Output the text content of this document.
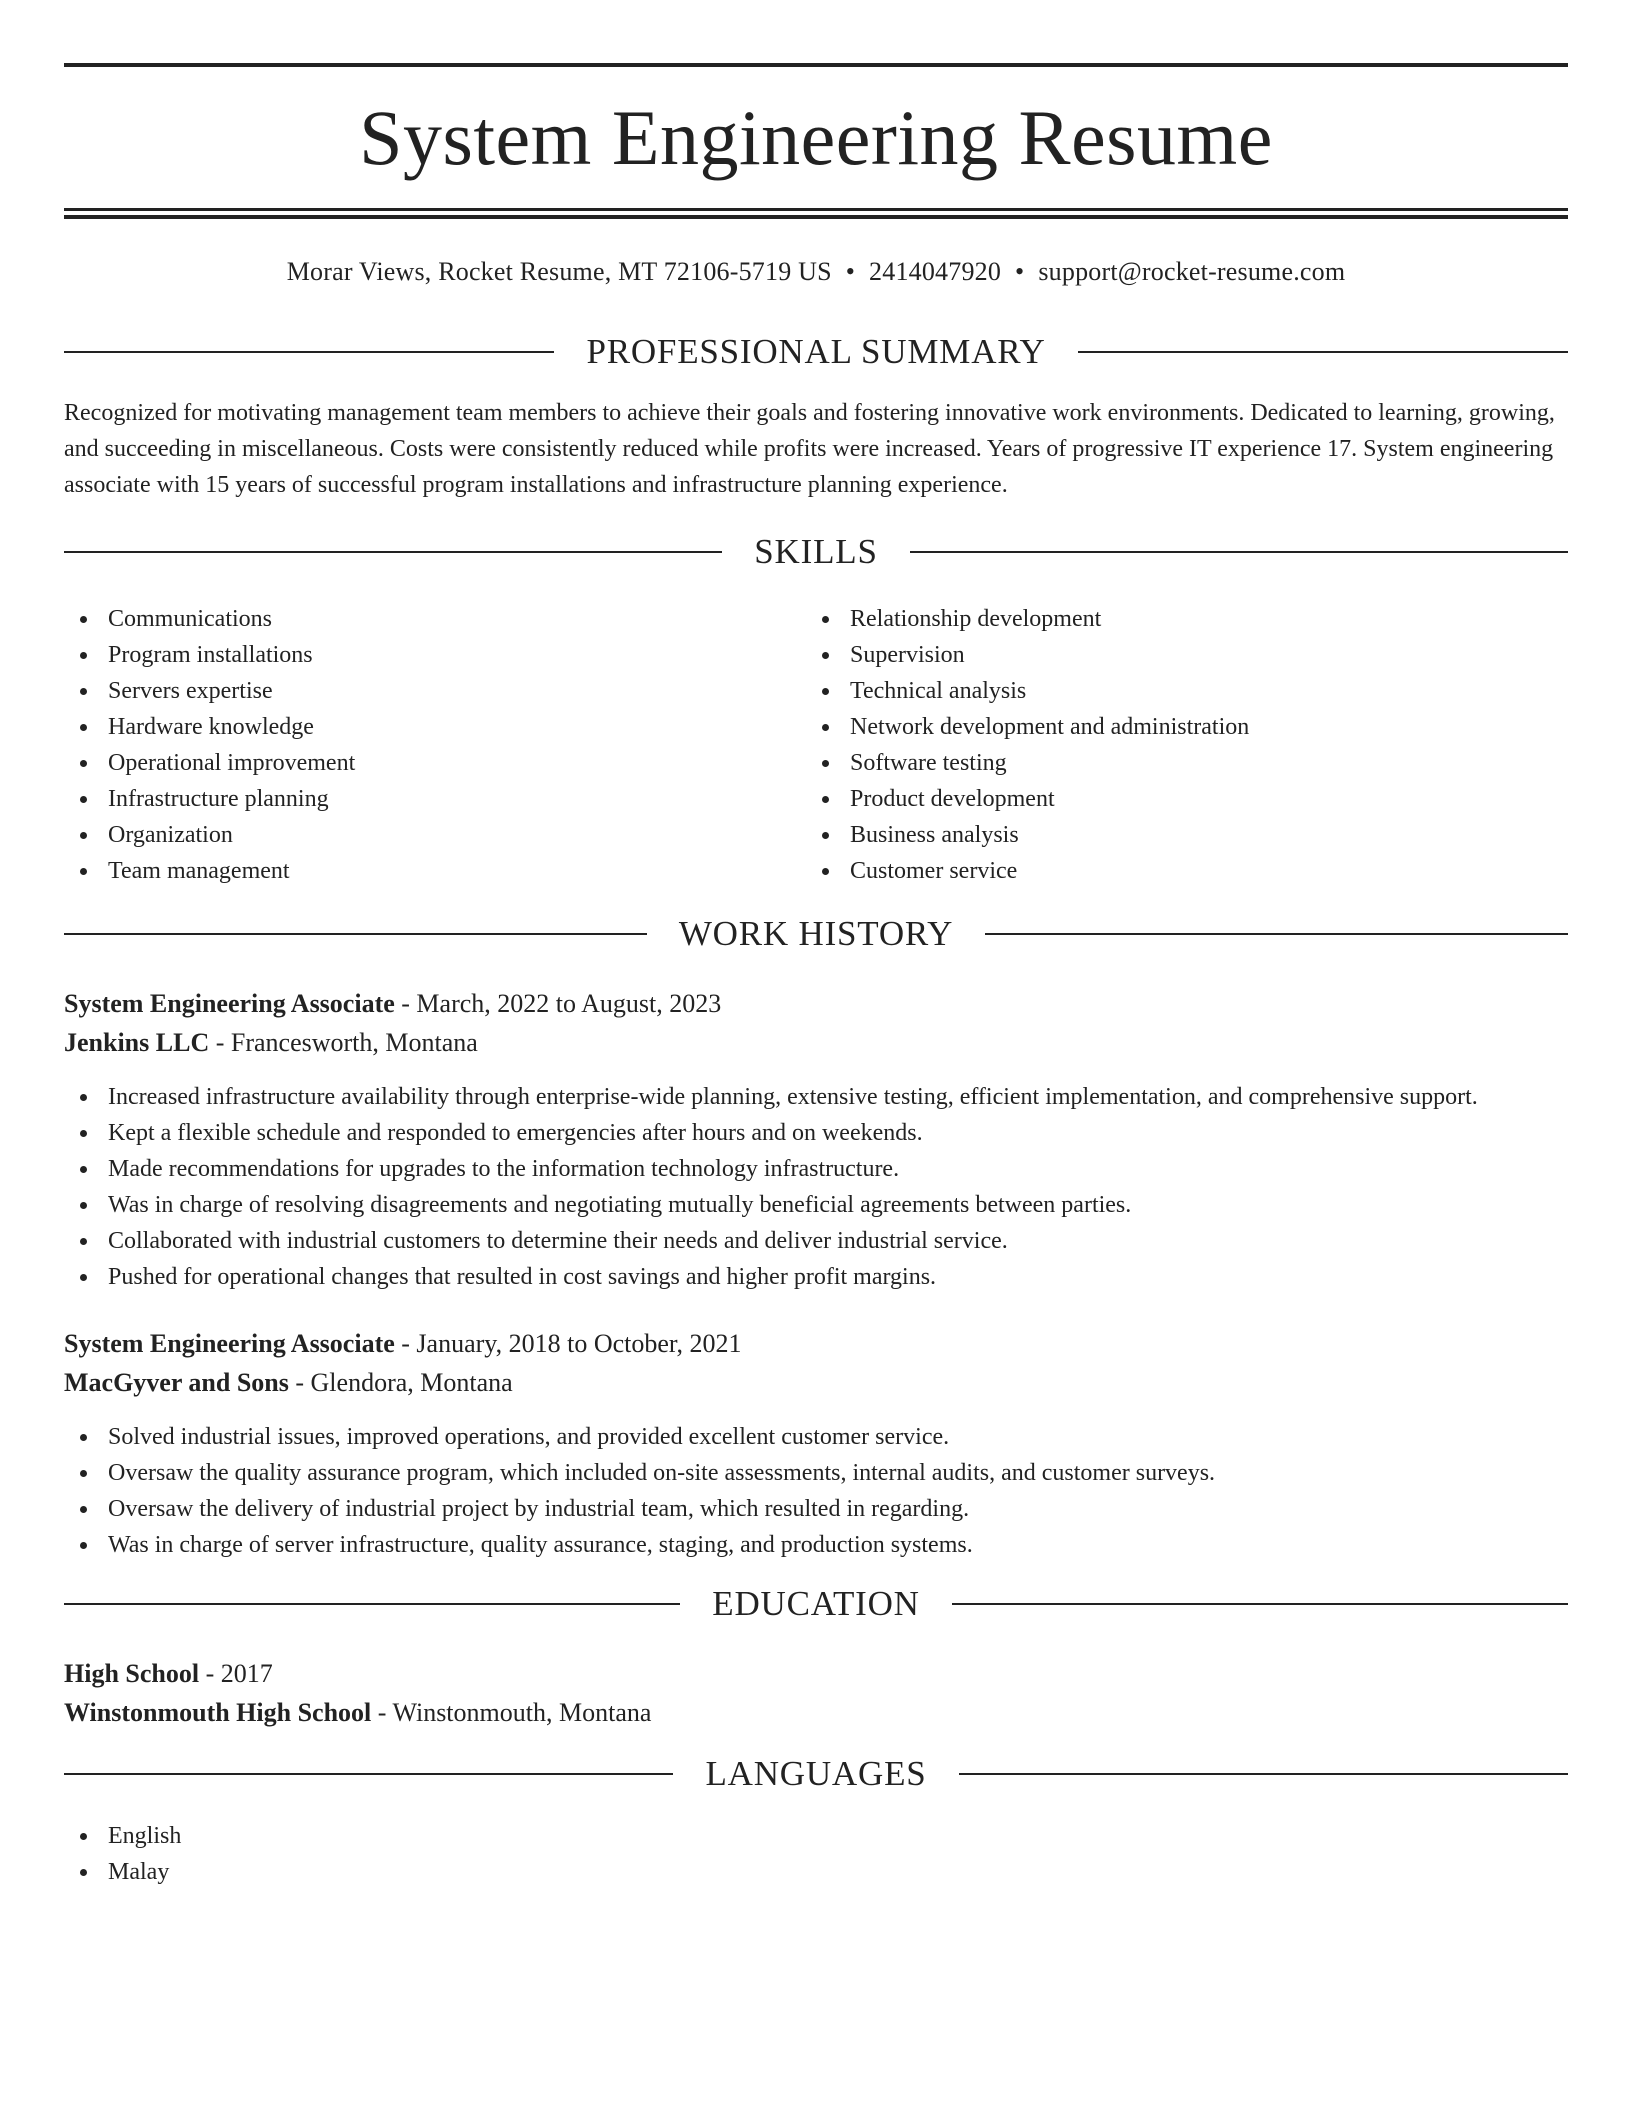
System Engineering Resume
Morar Views, Rocket Resume, MT 72106-5719 US • 2414047920 • support@rocket-resume.com
PROFESSIONAL SUMMARY
Recognized for motivating management team members to achieve their goals and fostering innovative work environments. Dedicated to learning, growing, and succeeding in miscellaneous. Costs were consistently reduced while profits were increased. Years of progressive IT experience 17. System engineering associate with 15 years of successful program installations and infrastructure planning experience.
SKILLS
Communications
Program installations
Servers expertise
Hardware knowledge
Operational improvement
Infrastructure planning
Organization
Team management
Relationship development
Supervision
Technical analysis
Network development and administration
Software testing
Product development
Business analysis
Customer service
WORK HISTORY
System Engineering Associate - March, 2022 to August, 2023
Jenkins LLC - Francesworth, Montana
Increased infrastructure availability through enterprise-wide planning, extensive testing, efficient implementation, and comprehensive support.
Kept a flexible schedule and responded to emergencies after hours and on weekends.
Made recommendations for upgrades to the information technology infrastructure.
Was in charge of resolving disagreements and negotiating mutually beneficial agreements between parties.
Collaborated with industrial customers to determine their needs and deliver industrial service.
Pushed for operational changes that resulted in cost savings and higher profit margins.
System Engineering Associate - January, 2018 to October, 2021
MacGyver and Sons - Glendora, Montana
Solved industrial issues, improved operations, and provided excellent customer service.
Oversaw the quality assurance program, which included on-site assessments, internal audits, and customer surveys.
Oversaw the delivery of industrial project by industrial team, which resulted in regarding.
Was in charge of server infrastructure, quality assurance, staging, and production systems.
EDUCATION
High School - 2017
Winstonmouth High School - Winstonmouth, Montana
LANGUAGES
English
Malay
